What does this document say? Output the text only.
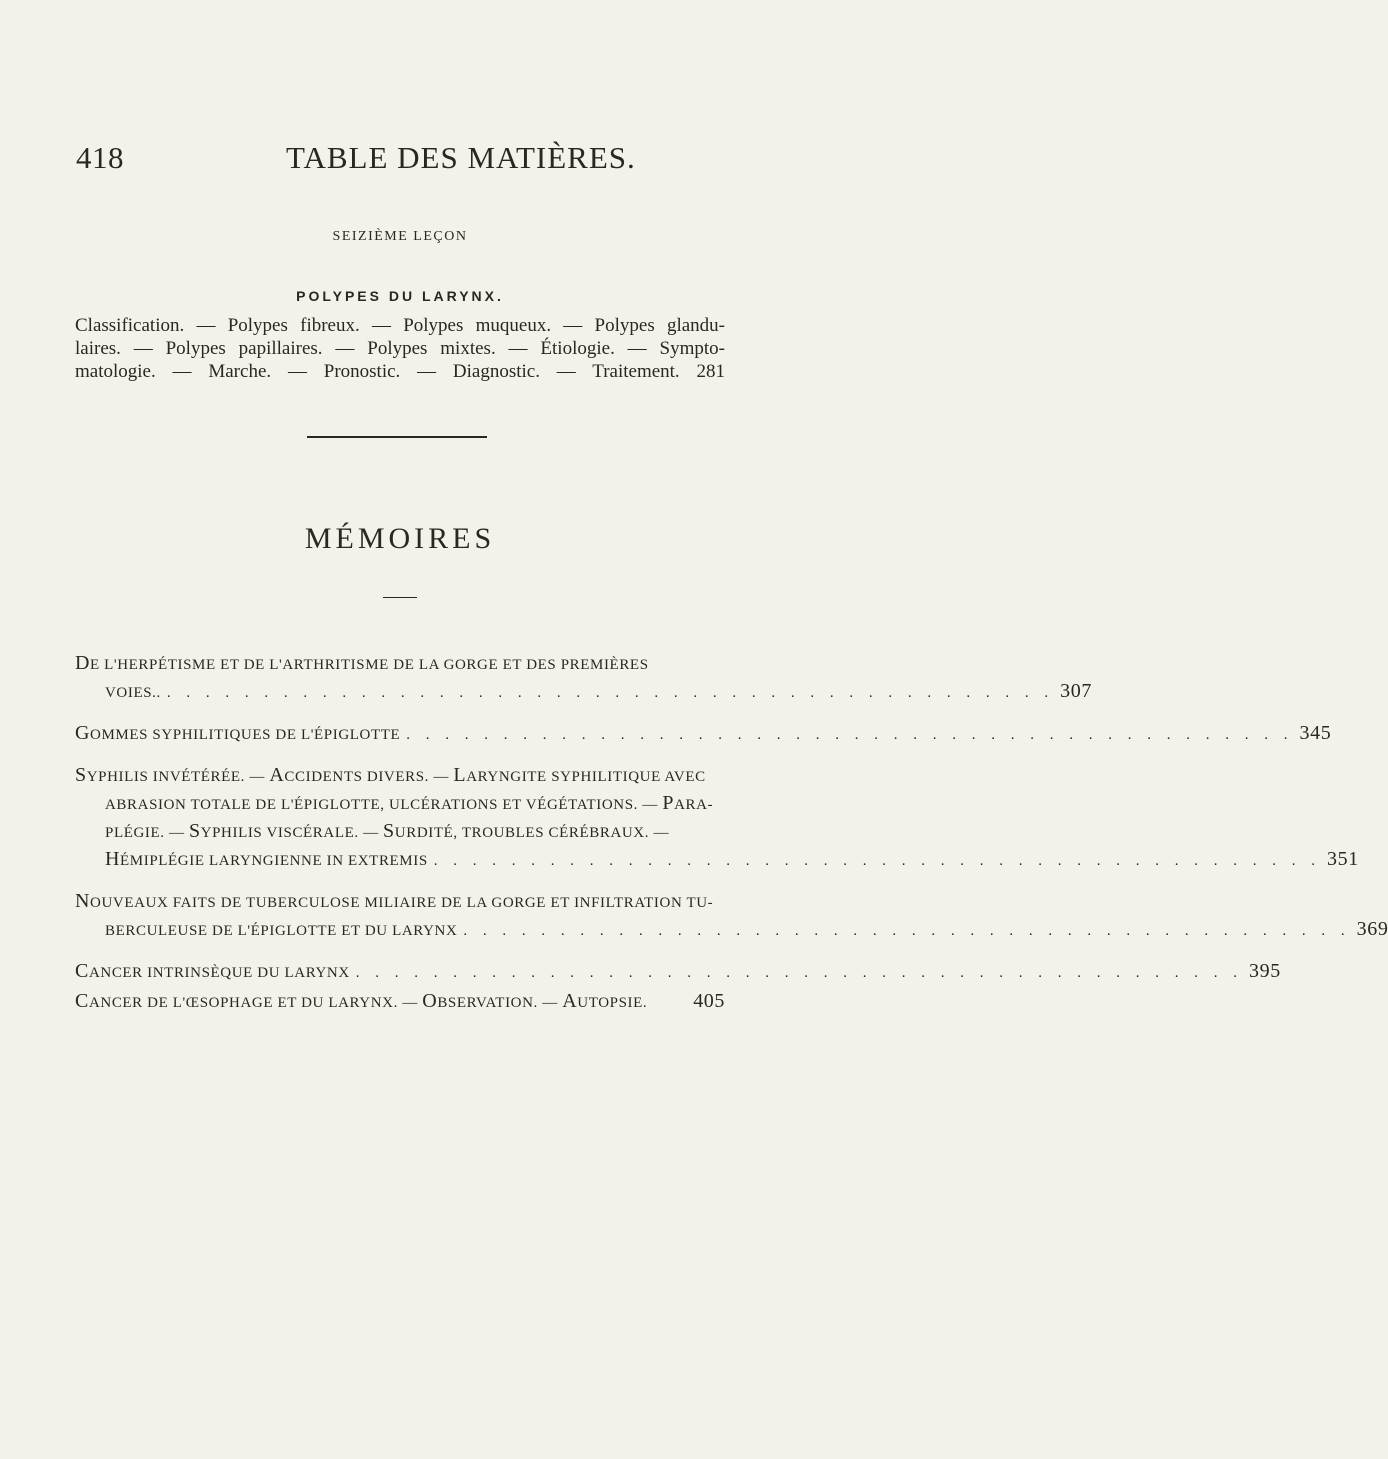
418	TABLE DES MATIÈRES.
SEIZIÈME LEÇON
POLYPES DU LARYNX.
Classification. — Polypes fibreux. — Polypes muqueux. — Polypes glandu-
laires. — Polypes papillaires. — Polypes mixtes. — Étiologie. — Sympto-
matologie. — Marche. — Pronostic. — Diagnostic. — Traitement. 281
MÉMOIRES
DE L'HERPÉTISME ET DE L'ARTHRITISME DE LA GORGE ET DES PREMIÈRES
VOIES.. . . . . . . . . . . . . . . . . . . . . . . . . . . . . . . . . . . . . . . . . . . . . . . 307
GOMMES SYPHILITIQUES DE L'ÉPIGLOTTE . . . . . . . . . . . . . . . . . . . . . . . . . . . . . . . . . . . . . . . . . . . . . . 345
SYPHILIS INVÉTÉRÉE. — ACCIDENTS DIVERS. — LARYNGITE SYPHILITIQUE AVEC
ABRASION TOTALE DE L'ÉPIGLOTTE, ULCÉRATIONS ET VÉGÉTATIONS. — PARA-
PLÉGIE. — SYPHILIS VISCÉRALE. — SURDITÉ, TROUBLES CÉRÉBRAUX. —
HÉMIPLÉGIE LARYNGIENNE IN EXTREMIS . . . . . . . . . . . . . . . . . . . . . . . . . . . . . . . . . . . . . . . . . . . . . . 351
NOUVEAUX FAITS DE TUBERCULOSE MILIAIRE DE LA GORGE ET INFILTRATION TU-
BERCULEUSE DE L'ÉPIGLOTTE ET DU LARYNX . . . . . . . . . . . . . . . . . . . . . . . . . . . . . . . . . . . . . . . . . . . . . . 369
CANCER INTRINSÈQUE DU LARYNX . . . . . . . . . . . . . . . . . . . . . . . . . . . . . . . . . . . . . . . . . . . . . . 395
CANCER DE L'ŒSOPHAGE ET DU LARYNX. — OBSERVATION. — AUTOPSIE. 405
